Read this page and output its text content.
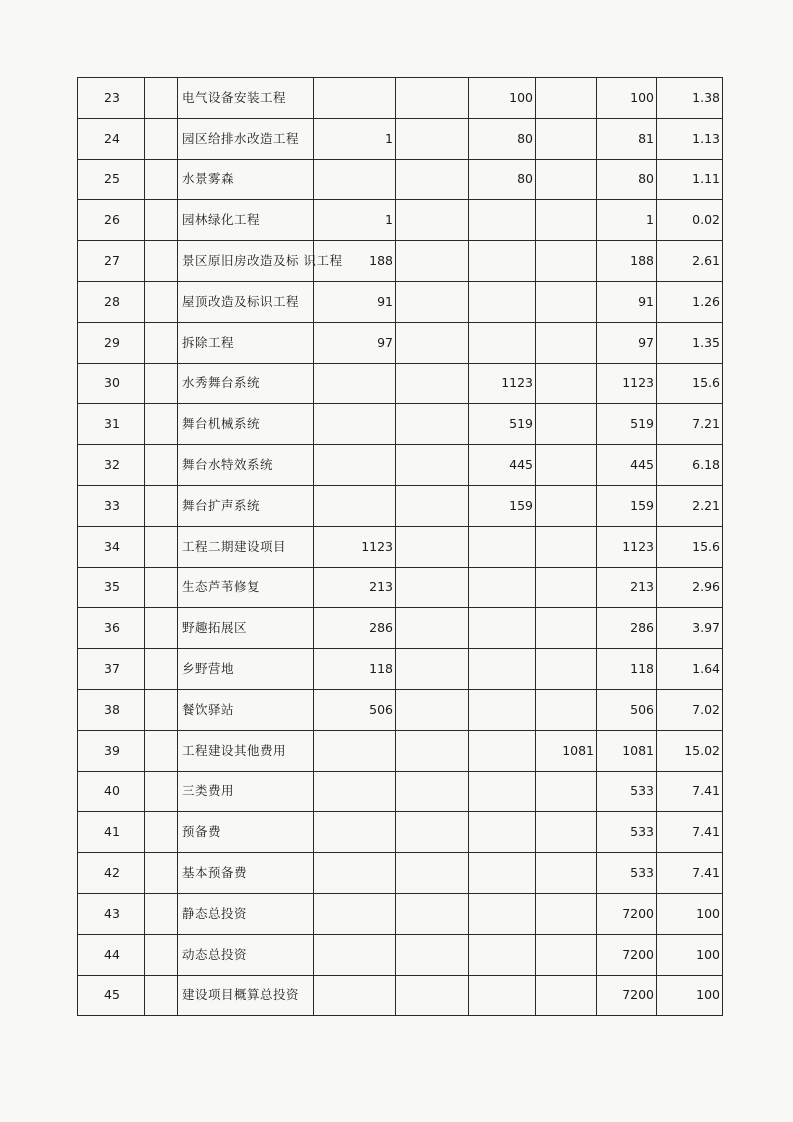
23		电气设备安装工程			100		100	1.38
24		园区给排水改造工程	1		80		81	1.13
25		水景雾森			80		80	1.11
26		园林绿化工程	1				1	0.02
27		景区原旧房改造及标 识工程	188				188	2.61
28		屋顶改造及标识工程	91				91	1.26
29		拆除工程	97				97	1.35
30		水秀舞台系统			1123		1123	15.6
31		舞台机械系统			519		519	7.21
32		舞台水特效系统			445		445	6.18
33		舞台扩声系统			159		159	2.21
34		工程二期建设项目	1123				1123	15.6
35		生态芦苇修复	213				213	2.96
36		野趣拓展区	286				286	3.97
37		乡野营地	118				118	1.64
38		餐饮驿站	506				506	7.02
39		工程建设其他费用				1081	1081	15.02
40		三类费用					533	7.41
41		预备费					533	7.41
42		基本预备费					533	7.41
43		静态总投资					7200	100
44		动态总投资					7200	100
45		建设项目概算总投资					7200	100
